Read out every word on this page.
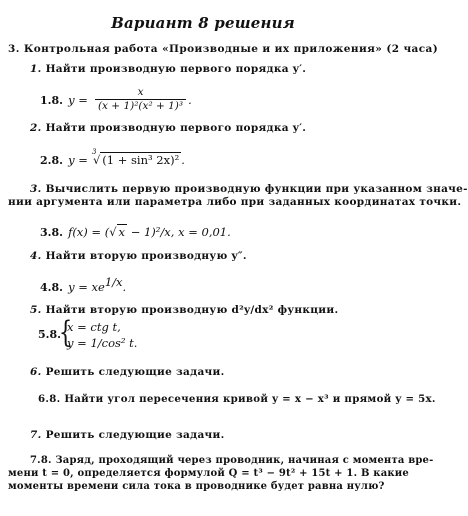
Вариант 8 решения
3. Контрольная работа «Производные и их приложения» (2 часа)
1. Найти производную первого порядка y′.
1.8. $y = \frac{x}{\text{(x + 1)²(x² + 1)³}}$ .
2. Найти производную первого порядка y′.
2.8. y =
3
√ (1 + sin³ 2x)² .
3. Вычислить первую производную функции при указанном значе-
нии аргумента или параметра либо при заданных координатах точки.
3.8. f(x) = (√ x − 1)²/x, x = 0,01.
4. Найти вторую производную y″.
4.8. $y = xe^{1/x}$.
5. Найти вторую производную d²y/dx² функции.
5.8.
{
x = ctg t,
y = 1/cos² t.
6. Решить следующие задачи.
6.8. Найти угол пересечения кривой y = x − x³ и прямой y = 5x.
7. Решить следующие задачи.
7.8. Заряд, проходящий через проводник, начиная с момента вре-
мени t = 0, определяется формулой Q = t³ − 9t² + 15t + 1. В какие
моменты времени сила тока в проводнике будет равна нулю?
